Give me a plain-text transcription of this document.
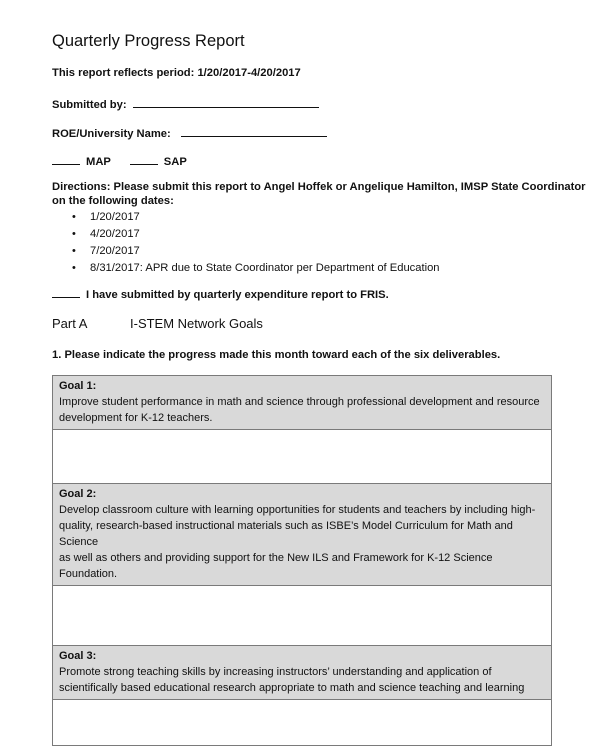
Quarterly Progress Report
This report reflects period: 1/20/2017-4/20/2017
Submitted by:
ROE/University Name:
MAP	SAP
Directions: Please submit this report to Angel Hoffek or Angelique Hamilton, IMSP State Coordinator
on the following dates:
• 1/20/2017
• 4/20/2017
• 7/20/2017
• 8/31/2017: APR due to State Coordinator per Department of Education
I have submitted by quarterly expenditure report to FRIS.
Part A	I-STEM Network Goals
1. Please indicate the progress made this month toward each of the six deliverables.
Goal 1:
Improve student performance in math and science through professional development and resource
development for K-12 teachers.

Goal 2:
Develop classroom culture with learning opportunities for students and teachers by including high-
quality, research-based instructional materials such as ISBE’s Model Curriculum for Math and Science
as well as others and providing support for the New ILS and Framework for K-12 Science Foundation.

Goal 3:
Promote strong teaching skills by increasing instructors’ understanding and application of
scientifically based educational research appropriate to math and science teaching and learning
